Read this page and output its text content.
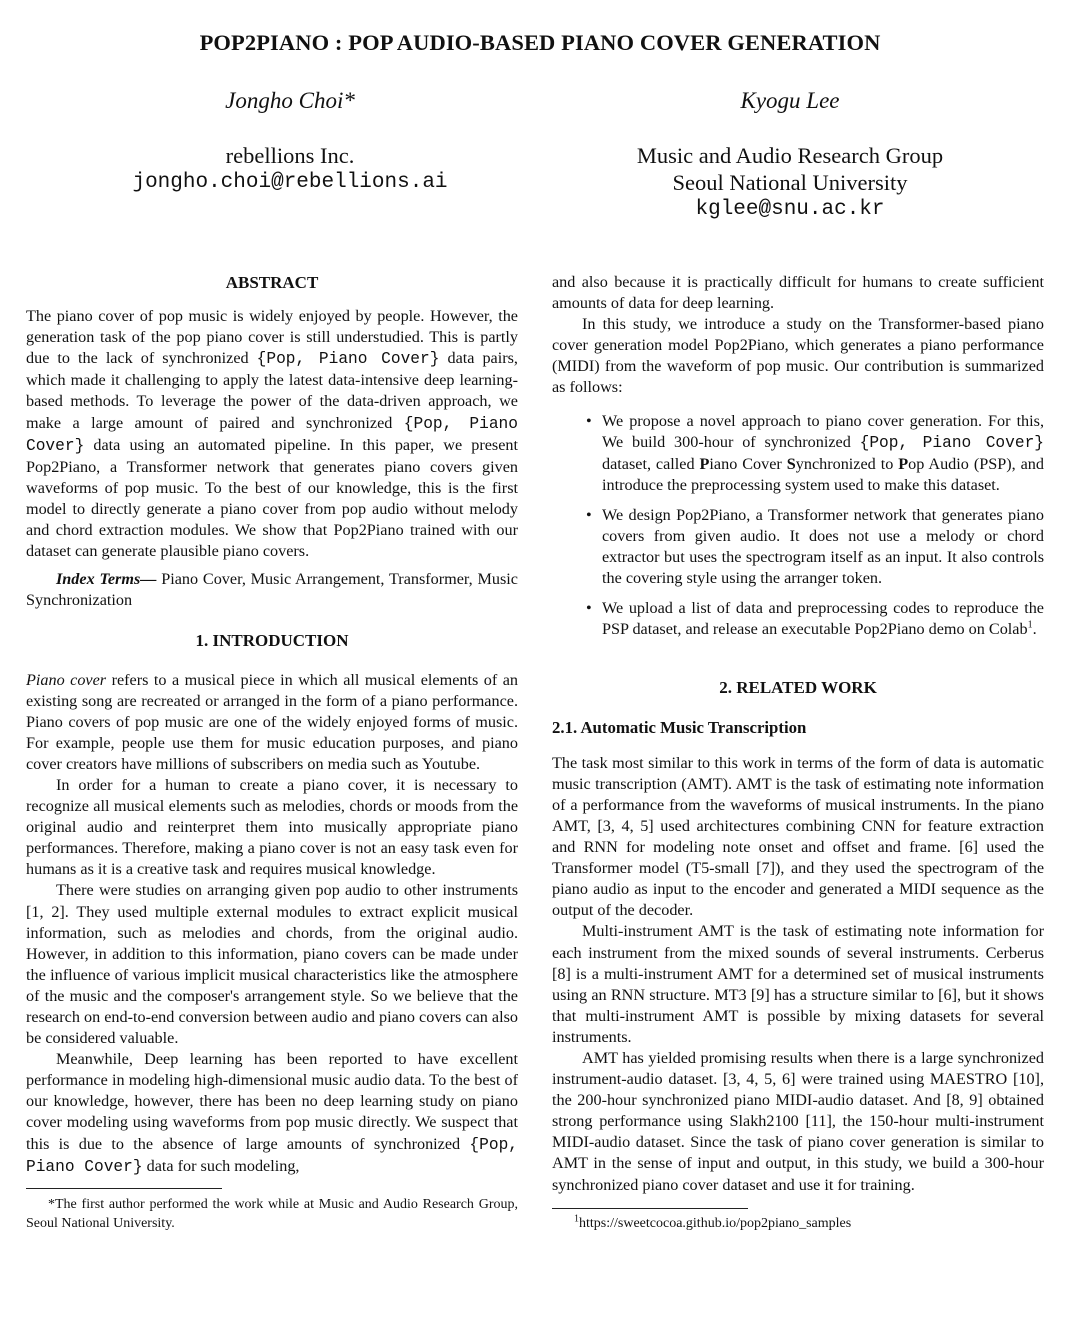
POP2PIANO : POP AUDIO-BASED PIANO COVER GENERATION
Jongho Choi*
rebellions Inc.
jongho.choi@rebellions.ai
Kyogu Lee
Music and Audio Research Group
Seoul National University
kglee@snu.ac.kr
ABSTRACT

The piano cover of pop music is widely enjoyed by people. However, the generation task of the pop piano cover is still understudied. This is partly due to the lack of synchronized {Pop, Piano Cover} data pairs, which made it challenging to apply the latest data-intensive deep learning-based methods. To leverage the power of the data-driven approach, we make a large amount of paired and synchronized {Pop, Piano Cover} data using an automated pipeline. In this paper, we present Pop2Piano, a Transformer network that generates piano covers given waveforms of pop music. To the best of our knowledge, this is the first model to directly generate a piano cover from pop audio without melody and chord extraction modules. We show that Pop2Piano trained with our dataset can generate plausible piano covers.

Index Terms— Piano Cover, Music Arrangement, Transformer, Music Synchronization

1. INTRODUCTION

Piano cover refers to a musical piece in which all musical elements of an existing song are recreated or arranged in the form of a piano performance. Piano covers of pop music are one of the widely enjoyed forms of music. For example, people use them for music education purposes, and piano cover creators have millions of subscribers on media such as Youtube.

In order for a human to create a piano cover, it is necessary to recognize all musical elements such as melodies, chords or moods from the original audio and reinterpret them into musically appropriate piano performances. Therefore, making a piano cover is not an easy task even for humans as it is a creative task and requires musical knowledge.

There were studies on arranging given pop audio to other instruments [1, 2]. They used multiple external modules to extract explicit musical information, such as melodies and chords, from the original audio. However, in addition to this information, piano covers can be made under the influence of various implicit musical characteristics like the atmosphere of the music and the composer's arrangement style. So we believe that the research on end-to-end conversion between audio and piano covers can also be considered valuable.

Meanwhile, Deep learning has been reported to have excellent performance in modeling high-dimensional music audio data. To the best of our knowledge, however, there has been no deep learning study on piano cover modeling using waveforms from pop music directly. We suspect that this is due to the absence of large amounts of synchronized {Pop, Piano Cover} data for such modeling,

*The first author performed the work while at Music and Audio Research Group, Seoul National University.

and also because it is practically difficult for humans to create sufficient amounts of data for deep learning.

In this study, we introduce a study on the Transformer-based piano cover generation model Pop2Piano, which generates a piano performance (MIDI) from the waveform of pop music. Our contribution is summarized as follows:

• We propose a novel approach to piano cover generation. For this, We build 300-hour of synchronized {Pop, Piano Cover} dataset, called Piano Cover Synchronized to Pop Audio (PSP), and introduce the preprocessing system used to make this dataset.
• We design Pop2Piano, a Transformer network that generates piano covers from given audio. It does not use a melody or chord extractor but uses the spectrogram itself as an input. It also controls the covering style using the arranger token.
• We upload a list of data and preprocessing codes to reproduce the PSP dataset, and release an executable Pop2Piano demo on Colab$^1$.
2. RELATED WORK
2.1. Automatic Music Transcription

The task most similar to this work in terms of the form of data is automatic music transcription (AMT). AMT is the task of estimating note information of a performance from the waveforms of musical instruments. In the piano AMT, [3, 4, 5] used architectures combining CNN for feature extraction and RNN for modeling note onset and offset and frame. [6] used the Transformer model (T5-small [7]), and they used the spectrogram of the piano audio as input to the encoder and generated a MIDI sequence as the output of the decoder.

Multi-instrument AMT is the task of estimating note information for each instrument from the mixed sounds of several instruments. Cerberus [8] is a multi-instrument AMT for a determined set of musical instruments using an RNN structure. MT3 [9] has a structure similar to [6], but it shows that multi-instrument AMT is possible by mixing datasets for several instruments.

AMT has yielded promising results when there is a large synchronized instrument-audio dataset. [3, 4, 5, 6] were trained using MAESTRO [10], the 200-hour synchronized piano MIDI-audio dataset. And [8, 9] obtained strong performance using Slakh2100 [11], the 150-hour multi-instrument MIDI-audio dataset. Since the task of piano cover generation is similar to AMT in the sense of input and output, in this study, we build a 300-hour synchronized piano cover dataset and use it for training.

$^1$https://sweetcocoa.github.io/pop2piano_samples
